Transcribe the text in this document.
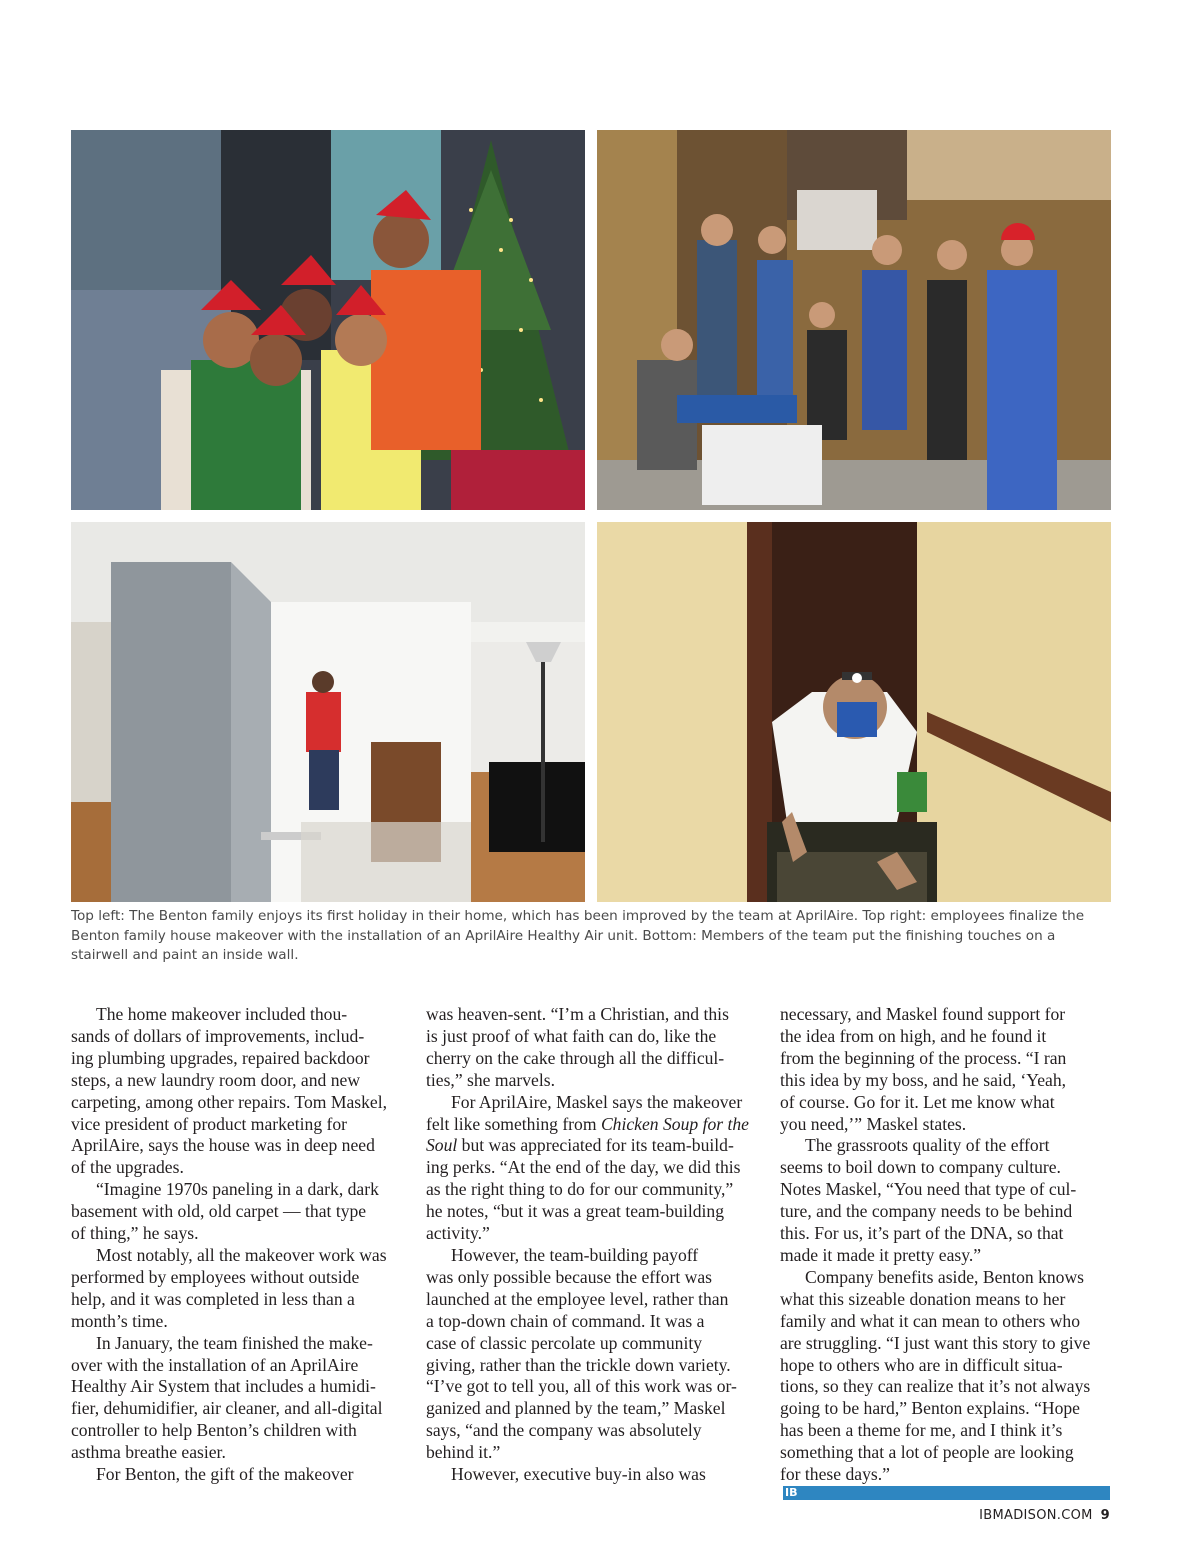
Top left: The Benton family enjoys its first holiday in their home, which has been improved by the team at AprilAire. Top right: employees finalize the Benton family house makeover with the installation of an AprilAire Healthy Air unit. Bottom: Members of the team put the finishing touches on a stairwell and paint an inside wall.

The home makeover included thou-
sands of dollars of improvements, includ-
ing plumbing upgrades, repaired backdoor
steps, a new laundry room door, and new
carpeting, among other repairs. Tom Maskel,
vice president of product marketing for
AprilAire, says the house was in deep need
of the upgrades.

“Imagine 1970s paneling in a dark, dark
basement with old, old carpet — that type
of thing,” he says.

Most notably, all the makeover work was
performed by employees without outside
help, and it was completed in less than a
month’s time.

In January, the team finished the make-
over with the installation of an AprilAire
Healthy Air System that includes a humidi-
fier, dehumidifier, air cleaner, and all-digital
controller to help Benton’s children with
asthma breathe easier.

For Benton, the gift of the makeover

was heaven-sent. “I’m a Christian, and this
is just proof of what faith can do, like the
cherry on the cake through all the difficul-
ties,” she marvels.

For AprilAire, Maskel says the makeover
felt like something from Chicken Soup for the
Soul but was appreciated for its team-build-
ing perks. “At the end of the day, we did this
as the right thing to do for our community,”
he notes, “but it was a great team-building
activity.”

However, the team-building payoff
was only possible because the effort was
launched at the employee level, rather than
a top-down chain of command. It was a
case of classic percolate up community
giving, rather than the trickle down variety.
“I’ve got to tell you, all of this work was or-
ganized and planned by the team,” Maskel
says, “and the company was absolutely
behind it.”

However, executive buy-in also was

necessary, and Maskel found support for
the idea from on high, and he found it
from the beginning of the process. “I ran
this idea by my boss, and he said, ‘Yeah,
of course. Go for it. Let me know what
you need,’” Maskel states.

The grassroots quality of the effort
seems to boil down to company culture.
Notes Maskel, “You need that type of cul-
ture, and the company needs to be behind
this. For us, it’s part of the DNA, so that
made it made it pretty easy.”

Company benefits aside, Benton knows
what this sizeable donation means to her
family and what it can mean to others who
are struggling. “I just want this story to give
hope to others who are in difficult situa-
tions, so they can realize that it’s not always
going to be hard,” Benton explains. “Hope
has been a theme for me, and I think it’s
something that a lot of people are looking
for these days.”
IB

IBMADISON.COM 9
